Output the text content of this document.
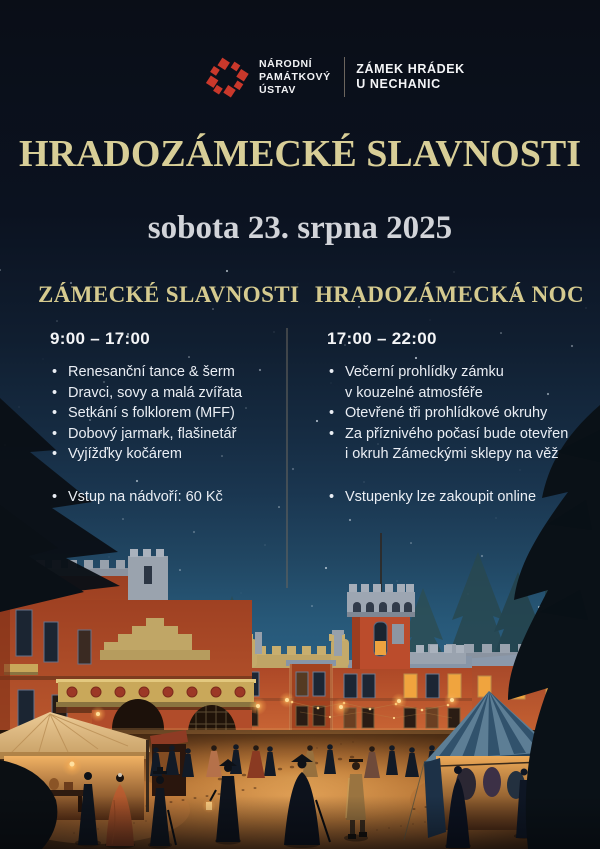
NÁRODNÍ
PAMÁTKOVÝ
ÚSTAV
ZÁMEK HRÁDEK
U NECHANIC
HRADOZÁMECKÉ SLAVNOSTI
sobota 23. srpna 2025
ZÁMECKÉ SLAVNOSTI
9:00 – 17:00
• Renesanční tance & šerm
• Dravci, sovy a malá zvířata
• Setkání s folklorem (MFF)
• Dobový jarmark, flašinetář
• Vyjížďky kočárem
• Vstup na nádvoří: 60 Kč
HRADOZÁMECKÁ NOC
17:00 – 22:00
• Večerní prohlídky zámku
v kouzelné atmosféře
• Otevřené tři prohlídkové okruhy
• Za příznivého počasí bude otevřen
i okruh Zámeckými sklepy na věž
• Vstupenky lze zakoupit online
